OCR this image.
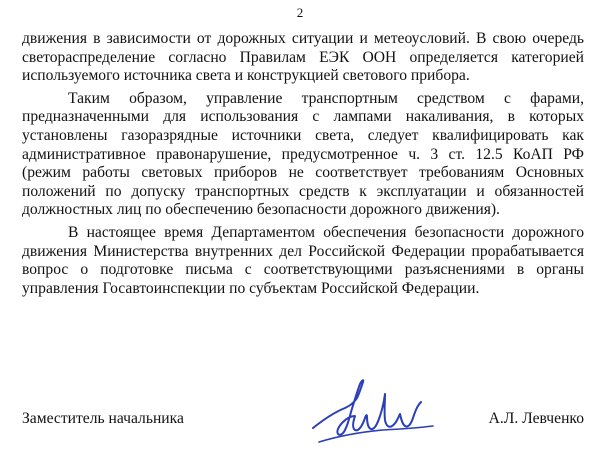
2

движения в зависимости от дорожных ситуации и метеоусловий. В свою очередь светораспределение согласно Правилам ЕЭК ООН определяется категорией используемого источника света и конструкцией светового прибора.

Таким образом, управление транспортным средством с фарами, предназначенными для использования с лампами накаливания, в которых установлены газоразрядные источники света, следует квалифицировать как административное правонарушение, предусмотренное ч. 3 ст. 12.5 КоАП РФ (режим работы световых приборов не соответствует требованиям Основных положений по допуску транспортных средств к эксплуатации и обязанностей должностных лиц по обеспечению безопасности дорожного движения).

В настоящее время Департаментом обеспечения безопасности дорожного движения Министерства внутренних дел Российской Федерации прорабатывается вопрос о подготовке письма с соответствующими разъяснениями в органы управления Госавтоинспекции по субъектам Российской Федерации.

Заместитель начальника	А.Л. Левченко
